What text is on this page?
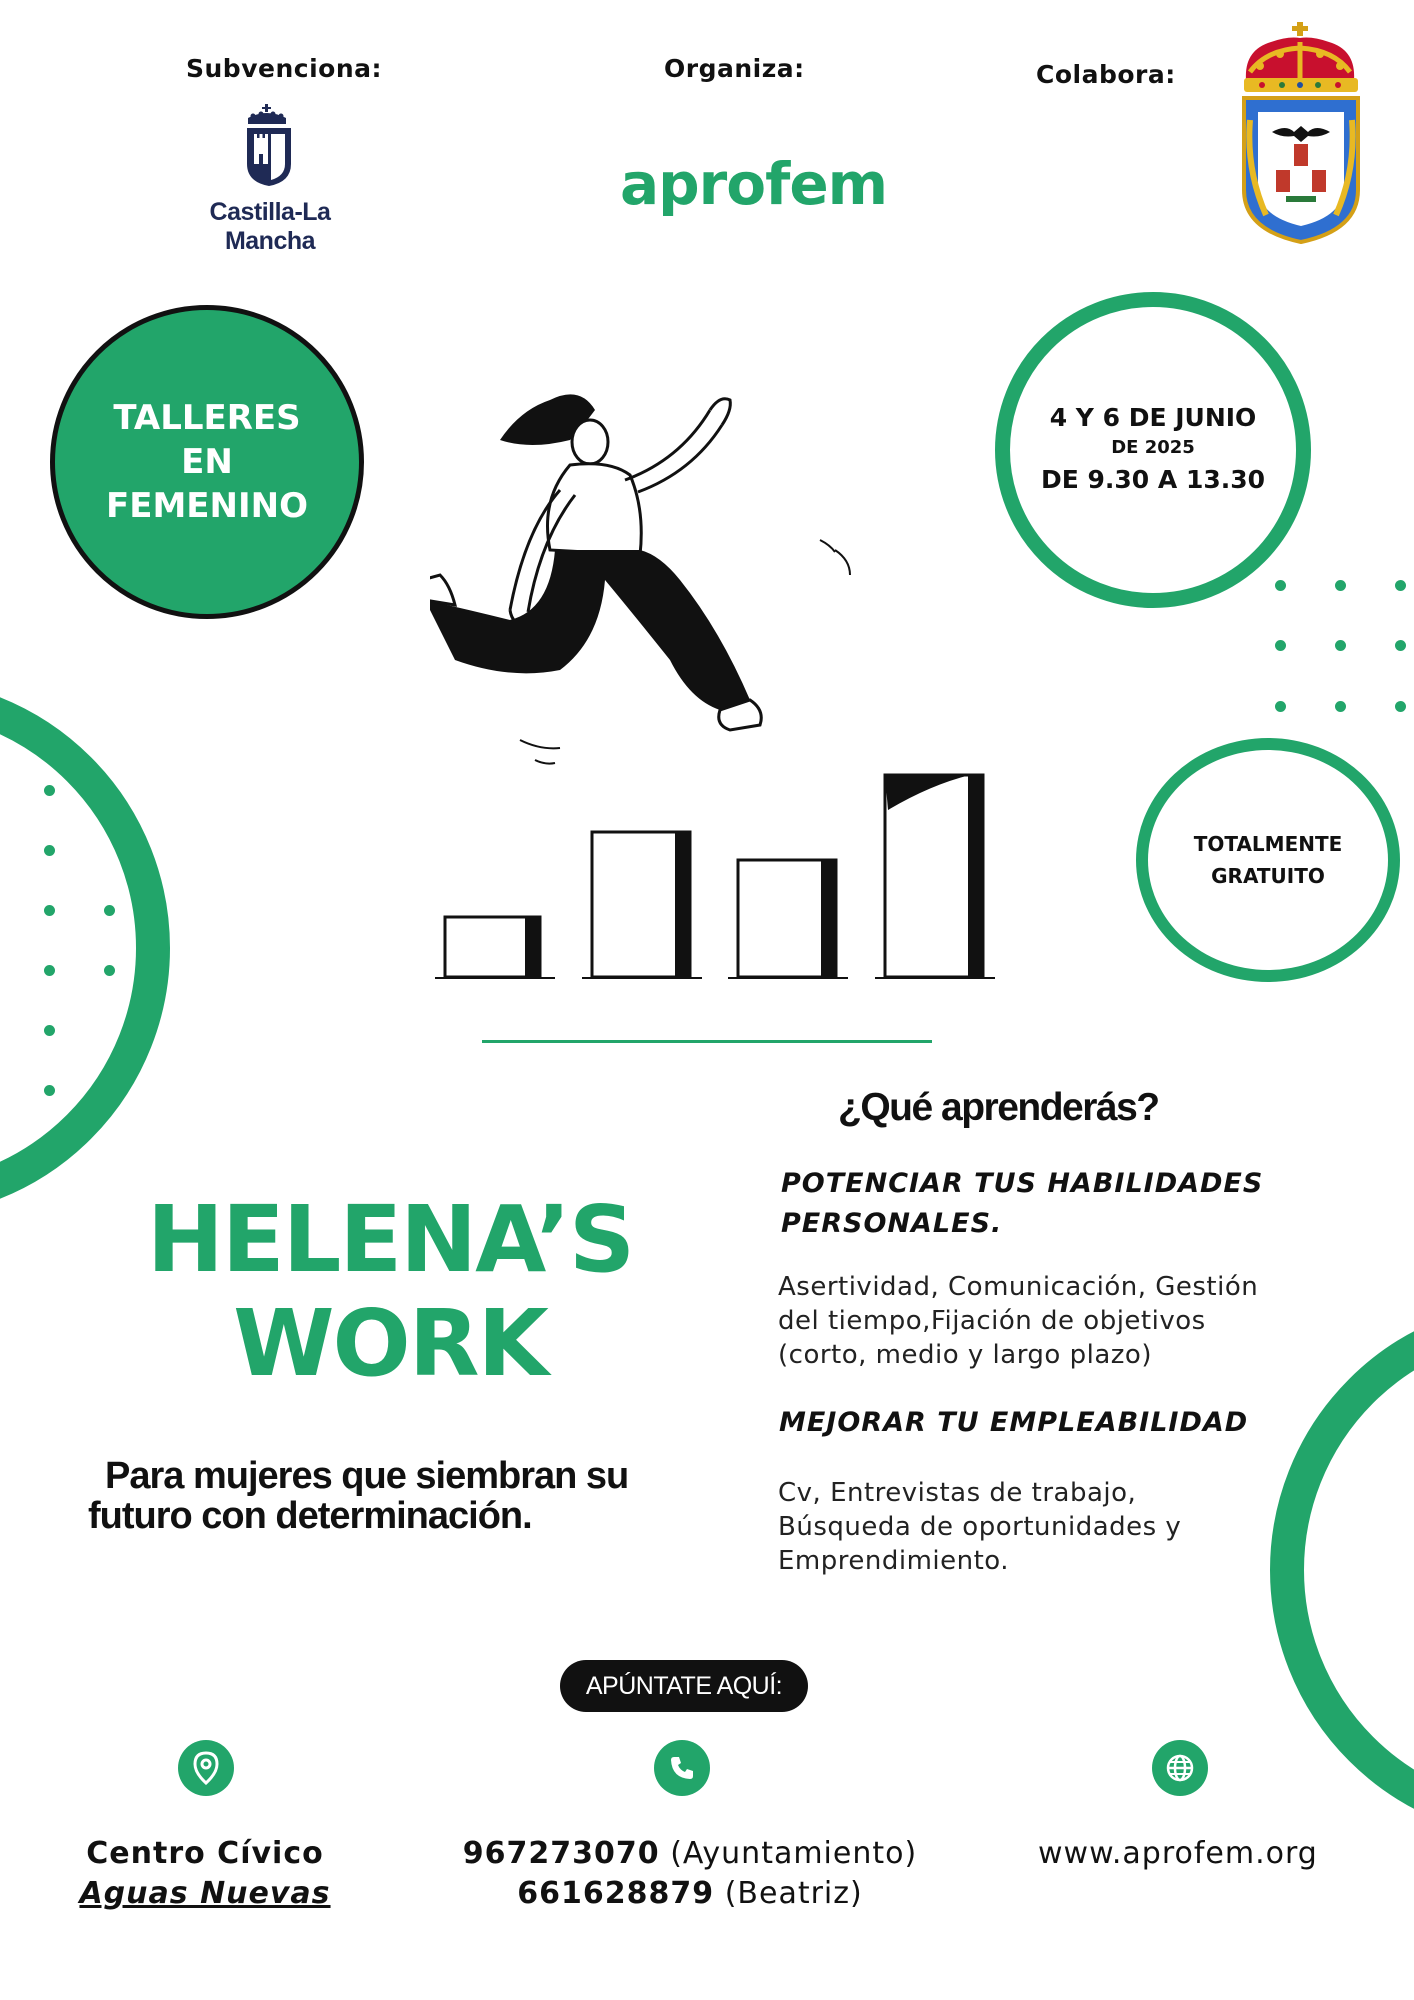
Subvenciona:	Organiza:	Colabora:
Castilla-La Mancha
aprofem
TALLERES
EN
FEMENINO
4 Y 6 DE JUNIO
DE 2025
DE 9.30 A 13.30
TOTALMENTE
GRATUITO
HELENA’S
WORK
Para mujeres que siembran su
futuro con determinación.
¿Qué aprenderás?
POTENCIAR TUS HABILIDADES
PERSONALES.
Asertividad, Comunicación, Gestión
del tiempo,Fijación de objetivos
(corto, medio y largo plazo)
MEJORAR TU EMPLEABILIDAD
Cv, Entrevistas de trabajo,
Búsqueda de oportunidades y
Emprendimiento.
APÚNTATE AQUÍ:
Centro Cívico
Aguas Nuevas
967273070 (Ayuntamiento)
661628879 (Beatriz)
www.aprofem.org
